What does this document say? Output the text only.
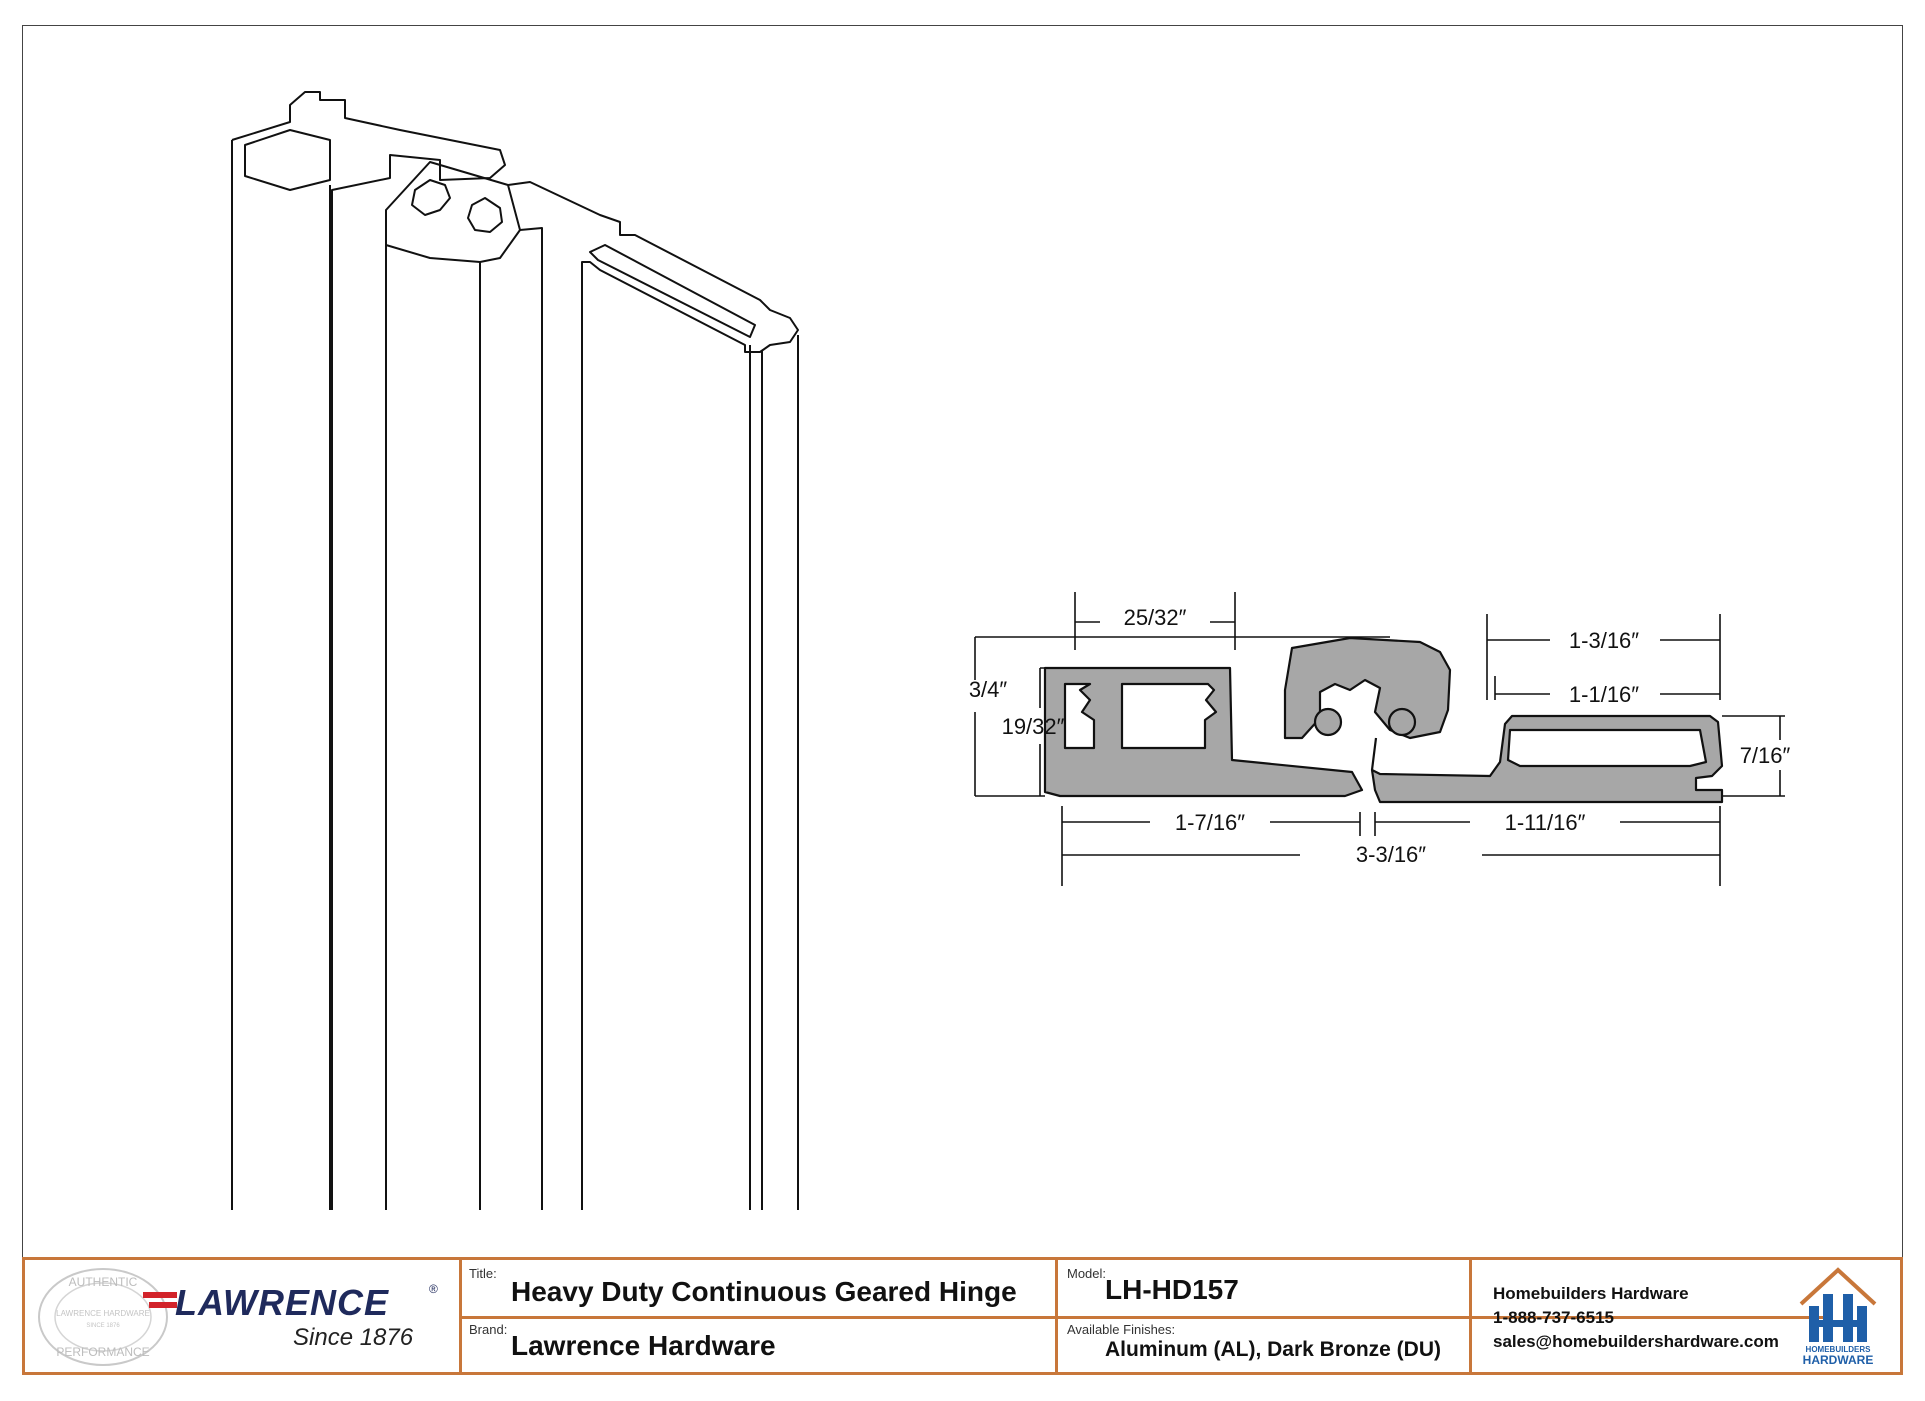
25/32″
3/4″
19/32″
1-3/16″
1-1/16″
7/16″
1-7/16″	1-11/16″
3-3/16″
AUTHENTIC
LAWRENCE HARDWARE
SINCE 1876
PERFORMANCE
LAWRENCE	®
Since 1876
Title:
Heavy Duty Continuous Geared Hinge
Brand:
Lawrence Hardware
Model:
LH-HD157
Available Finishes:
Aluminum (AL), Dark Bronze (DU)
Homebuilders Hardware
1-888-737-6515
sales@homebuildershardware.com	HOMEBUILDERS
HARDWARE
